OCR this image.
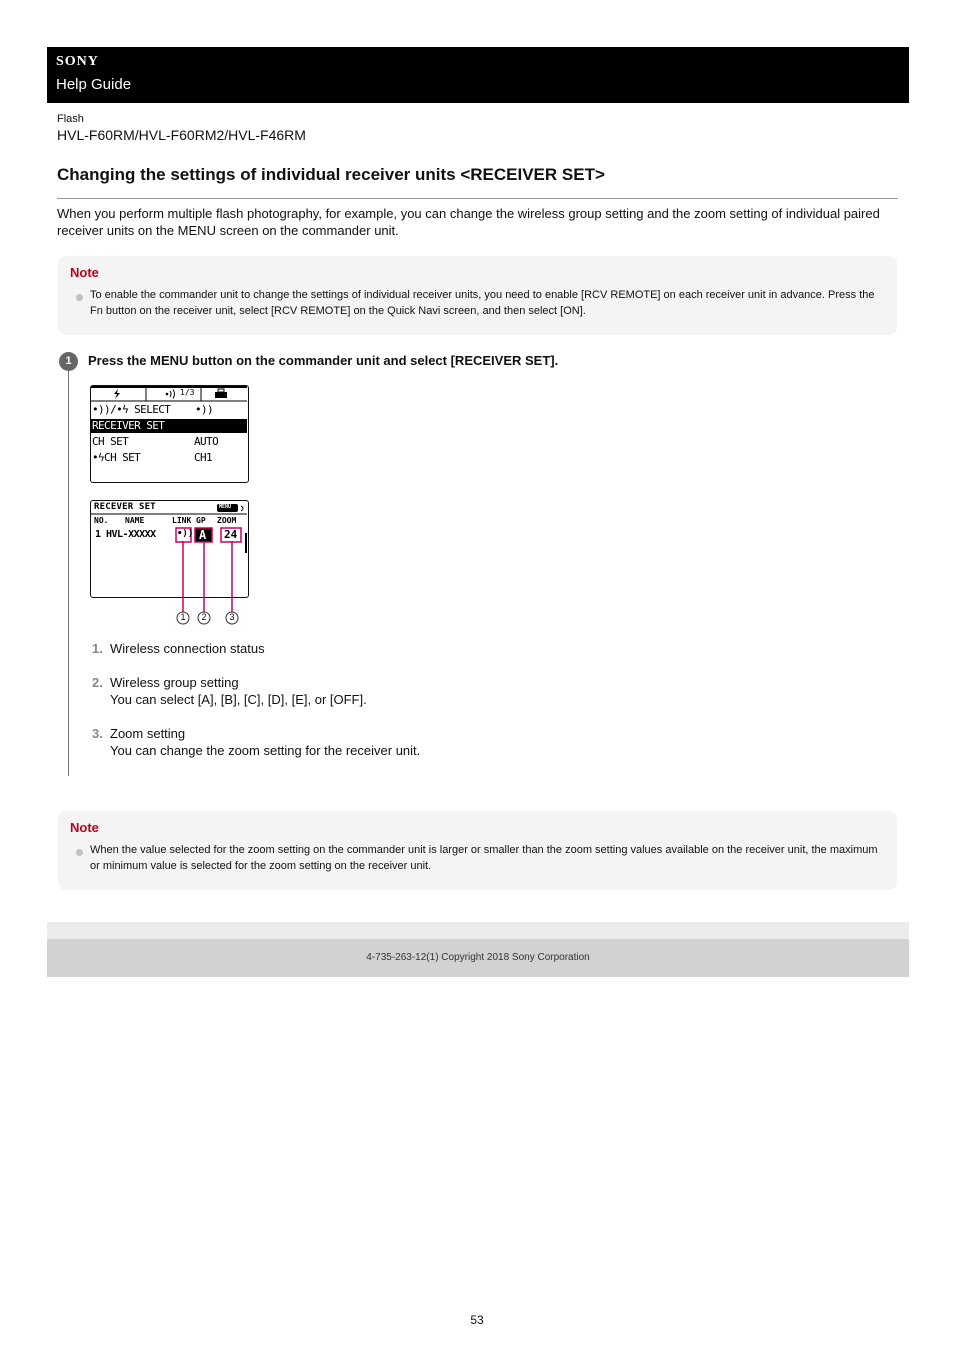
SONY
Help Guide
Flash
HVL-F60RM/HVL-F60RM2/HVL-F46RM
Changing the settings of individual receiver units <RECEIVER SET>

When you perform multiple flash photography, for example, you can change the wireless group setting and the zoom setting of individual paired receiver units on the MENU screen on the commander unit.

Note

To enable the commander unit to change the settings of individual receiver units, you need to enable [RCV REMOTE] on each receiver unit in advance. Press the Fn button on the receiver unit, select [RCV REMOTE] on the Quick Navi screen, and then select [ON].

1	Press the MENU button on the commander unit and select [RECEIVER SET].
1/3
•))/•ϟ SELECT •))
RECEIVER SET
CH SET	AUTO
•ϟCH SET	CH1
RECEVER SET	MENU
NO. NAME	LINK GP ZOOM
1 HVL-XXXXX •)) A 24
1 2	3
1. Wireless connection status
2. Wireless group setting
You can select [A], [B], [C], [D], [E], or [OFF].
3. Zoom setting
You can change the zoom setting for the receiver unit.
Note

When the value selected for the zoom setting on the commander unit is larger or smaller than the zoom setting values available on the receiver unit, the maximum or minimum value is selected for the zoom setting on the receiver unit.

4-735-263-12(1) Copyright 2018 Sony Corporation
53
